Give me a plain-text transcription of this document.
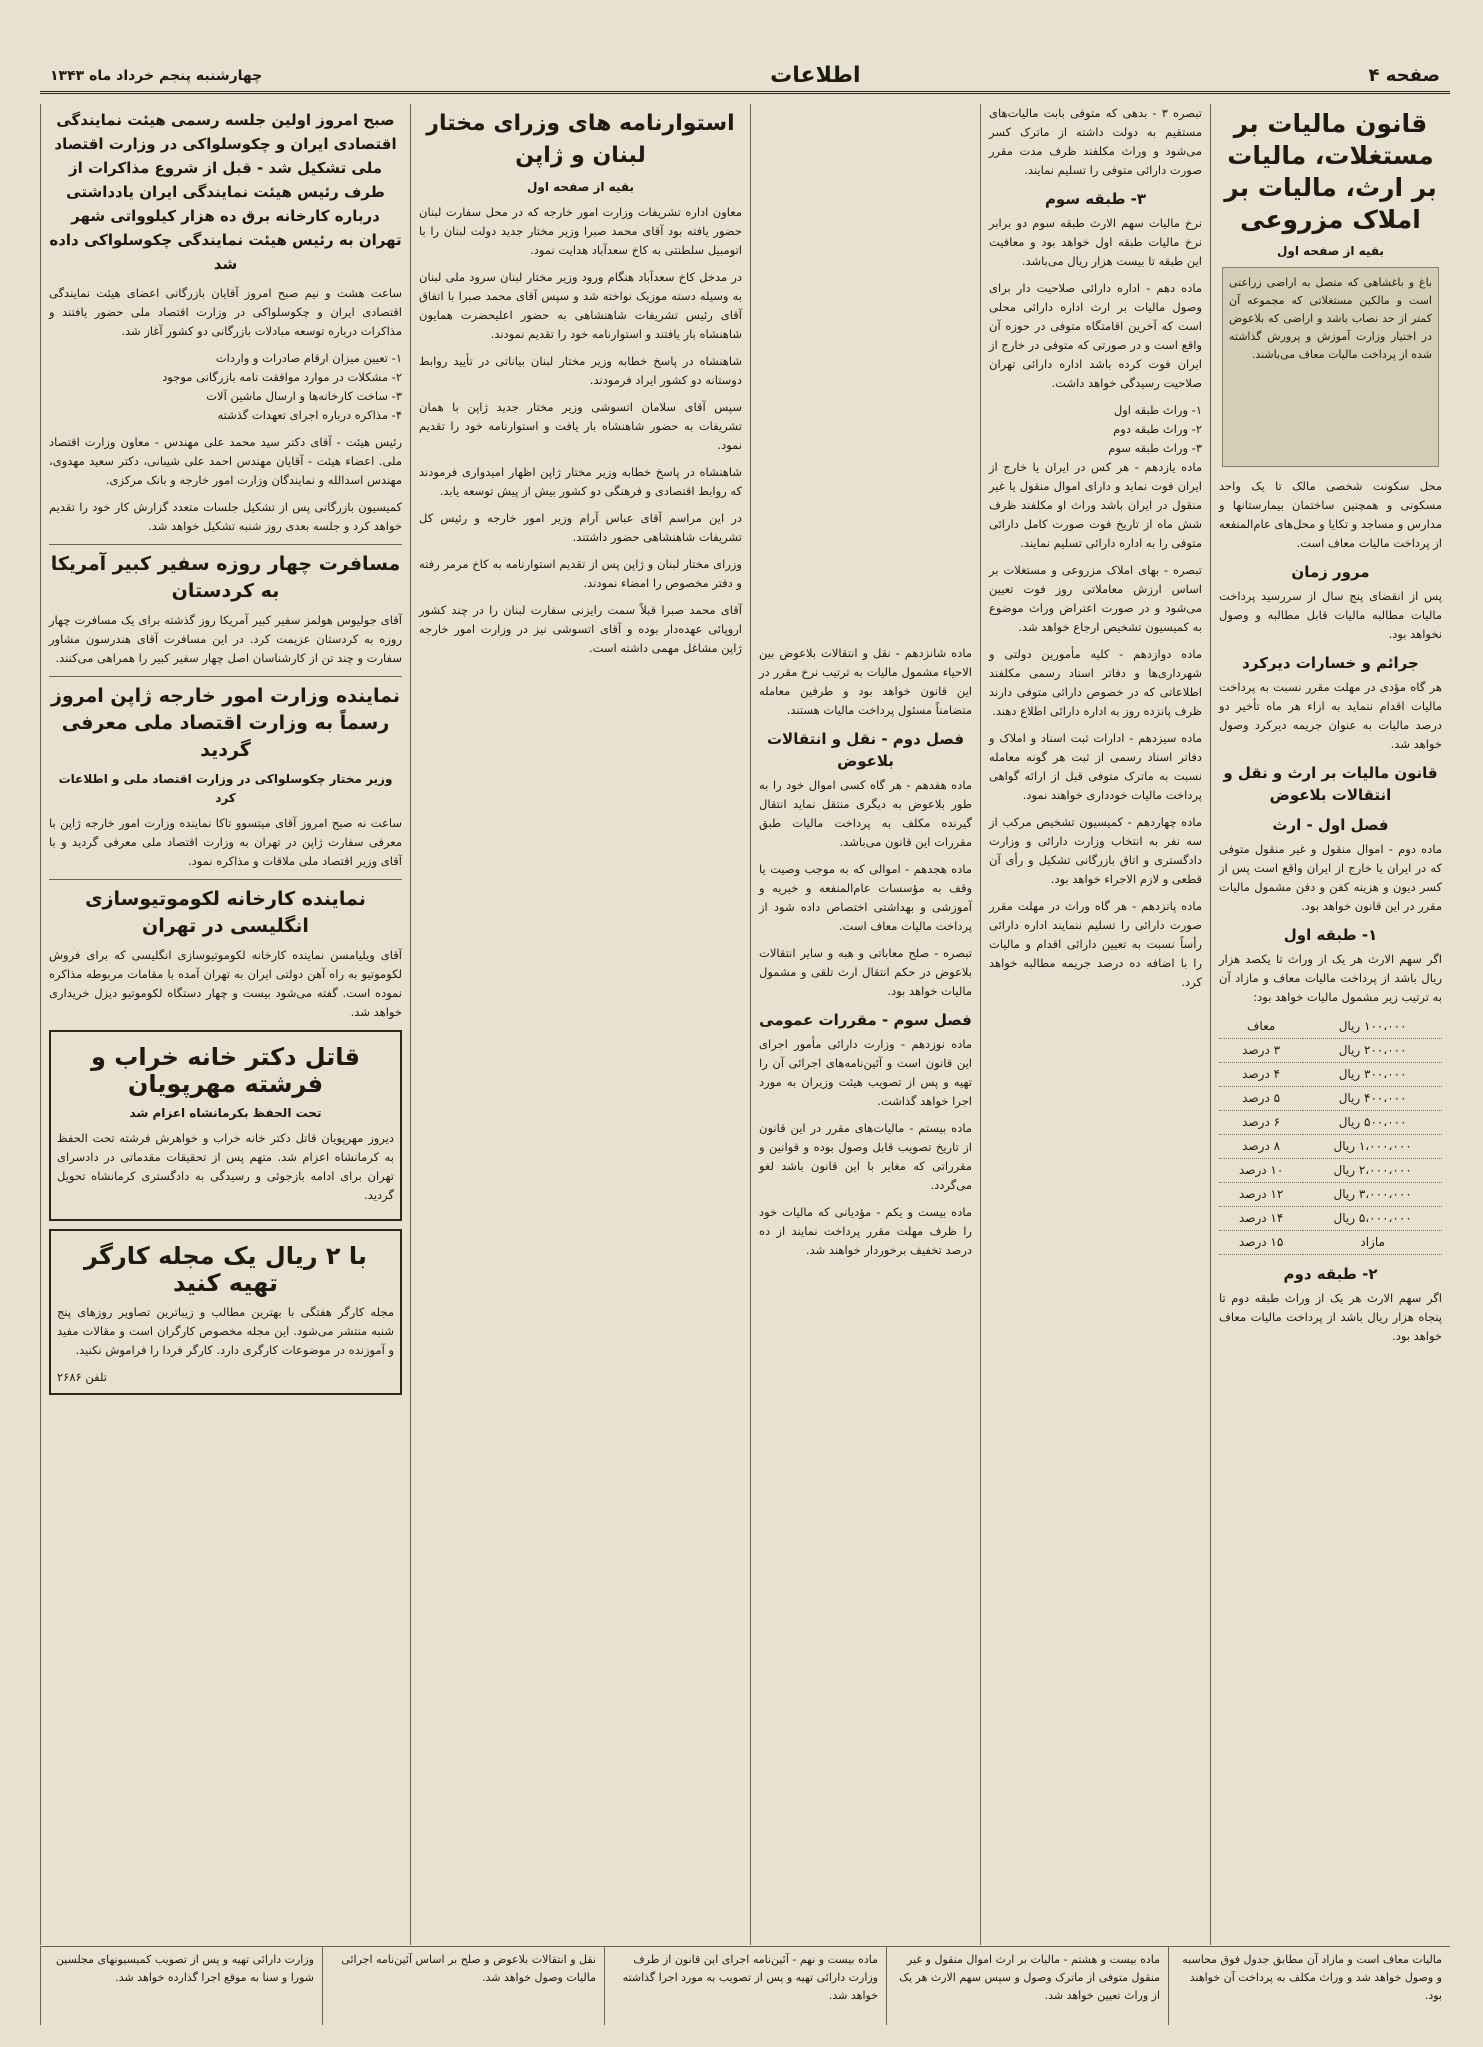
صفحه ۴
اطلاعات
چهارشنبه پنجم خرداد ماه ۱۳۴۳
قانون مالیات بر مستغلات، مالیات بر ارث، مالیات بر املاک مزروعی
بقیه از صفحه اول
باغ و باغشاهی که متصل به اراضی زراعتی است و مالکین مستغلاتی که مجموعه آن کمتر از حد نصاب باشد و اراضی که بلاعوض در اختیار وزارت آموزش و پرورش گذاشته شده از پرداخت مالیات معاف می‌باشند.

محل سکونت شخصی مالک تا یک واحد مسکونی و همچنین ساختمان بیمارستانها و مدارس و مساجد و تکایا و محل‌های عام‌المنفعه از پرداخت مالیات معاف است.

مرور زمان

پس از انقضای پنج سال از سررسید پرداخت مالیات مطالبه مالیات قابل مطالبه و وصول نخواهد بود.

جرائم و خسارات دیرکرد

هر گاه مؤدی در مهلت مقرر نسبت به پرداخت مالیات اقدام ننماید به ازاء هر ماه تأخیر دو درصد مالیات به عنوان جریمه دیرکرد وصول خواهد شد.

قانون مالیات بر ارث و نقل و انتقالات بلاعوض
فصل اول - ارث

ماده دوم - اموال منقول و غیر منقول متوفی که در ایران یا خارج از ایران واقع است پس از کسر دیون و هزینه کفن و دفن مشمول مالیات مقرر در این قانون خواهد بود.

۱- طبقه اول

اگر سهم الارث هر یک از وراث تا یکصد هزار ریال باشد از پرداخت مالیات معاف و مازاد آن به ترتیب زیر مشمول مالیات خواهد بود:

۱۰۰،۰۰۰ ریال	معاف
۲۰۰،۰۰۰ ریال	۳ درصد
۳۰۰،۰۰۰ ریال	۴ درصد
۴۰۰،۰۰۰ ریال	۵ درصد
۵۰۰،۰۰۰ ریال	۶ درصد
۱،۰۰۰،۰۰۰ ریال	۸ درصد
۲،۰۰۰،۰۰۰ ریال	۱۰ درصد
۳،۰۰۰،۰۰۰ ریال	۱۲ درصد
۵،۰۰۰،۰۰۰ ریال	۱۴ درصد
مازاد	۱۵ درصد
۲- طبقه دوم

اگر سهم الارث هر یک از وراث طبقه دوم تا پنجاه هزار ریال باشد از پرداخت مالیات معاف خواهد بود.

تبصره ۳ - بدهی که متوفی بابت مالیات‌های مستقیم به دولت داشته از ماترک کسر می‌شود و وراث مکلفند ظرف مدت مقرر صورت دارائی متوفی را تسلیم نمایند.

۳- طبقه سوم

نرخ مالیات سهم الارث طبقه سوم دو برابر نرخ مالیات طبقه اول خواهد بود و معافیت این طبقه تا بیست هزار ریال می‌باشد.

ماده دهم - اداره دارائی صلاحیت دار برای وصول مالیات بر ارث اداره دارائی محلی است که آخرین اقامتگاه متوفی در حوزه آن واقع است و در صورتی که متوفی در خارج از ایران فوت کرده باشد اداره دارائی تهران صلاحیت رسیدگی خواهد داشت.

۱- وراث طبقه اول
۲- وراث طبقه دوم
۳- وراث طبقه سوم

ماده یازدهم - هر کس در ایران یا خارج از ایران فوت نماید و دارای اموال منقول یا غیر منقول در ایران باشد وراث او مکلفند ظرف شش ماه از تاریخ فوت صورت کامل دارائی متوفی را به اداره دارائی تسلیم نمایند.

تبصره - بهای املاک مزروعی و مستغلات بر اساس ارزش معاملاتی روز فوت تعیین می‌شود و در صورت اعتراض وراث موضوع به کمیسیون تشخیص ارجاع خواهد شد.

ماده دوازدهم - کلیه مأمورین دولتی و شهرداری‌ها و دفاتر اسناد رسمی مکلفند اطلاعاتی که در خصوص دارائی متوفی دارند ظرف پانزده روز به اداره دارائی اطلاع دهند.

ماده سیزدهم - ادارات ثبت اسناد و املاک و دفاتر اسناد رسمی از ثبت هر گونه معامله نسبت به ماترک متوفی قبل از ارائه گواهی پرداخت مالیات خودداری خواهند نمود.

ماده چهاردهم - کمیسیون تشخیص مرکب از سه نفر به انتخاب وزارت دارائی و وزارت دادگستری و اتاق بازرگانی تشکیل و رأی آن قطعی و لازم الاجراء خواهد بود.

ماده پانزدهم - هر گاه وراث در مهلت مقرر صورت دارائی را تسلیم ننمایند اداره دارائی رأساً نسبت به تعیین دارائی اقدام و مالیات را با اضافه ده درصد جریمه مطالبه خواهد کرد.

ماده شانزدهم - نقل و انتقالات بلاعوض بین الاحیاء مشمول مالیات به ترتیب نرخ مقرر در این قانون خواهد بود و طرفین معامله متضامناً مسئول پرداخت مالیات هستند.

فصل دوم - نقل و انتقالات بلاعوض

ماده هفدهم - هر گاه کسی اموال خود را به طور بلاعوض به دیگری منتقل نماید انتقال گیرنده مکلف به پرداخت مالیات طبق مقررات این قانون می‌باشد.

ماده هجدهم - اموالی که به موجب وصیت یا وقف به مؤسسات عام‌المنفعه و خیریه و آموزشی و بهداشتی اختصاص داده شود از پرداخت مالیات معاف است.

تبصره - صلح معاباتی و هبه و سایر انتقالات بلاعوض در حکم انتقال ارث تلقی و مشمول مالیات خواهد بود.

فصل سوم - مقررات عمومی

ماده نوزدهم - وزارت دارائی مأمور اجرای این قانون است و آئین‌نامه‌های اجرائی آن را تهیه و پس از تصویب هیئت وزیران به مورد اجرا خواهد گذاشت.

ماده بیستم - مالیات‌های مقرر در این قانون از تاریخ تصویب قابل وصول بوده و قوانین و مقرراتی که مغایر با این قانون باشد لغو می‌گردد.

ماده بیست و یکم - مؤدیانی که مالیات خود را ظرف مهلت مقرر پرداخت نمایند از ده درصد تخفیف برخوردار خواهند شد.

استوارنامه های وزرای مختار لبنان و ژاپن
بقیه از صفحه اول

معاون اداره تشریفات وزارت امور خارجه که در محل سفارت لبنان حضور یافته بود آقای محمد صبرا وزیر مختار جدید دولت لبنان را با اتومبیل سلطنتی به کاخ سعدآباد هدایت نمود.

در مدخل کاخ سعدآباد هنگام ورود وزیر مختار لبنان سرود ملی لبنان به وسیله دسته موزیک نواخته شد و سپس آقای محمد صبرا با اتفاق آقای رئیس تشریفات شاهنشاهی به حضور اعلیحضرت همایون شاهنشاه بار یافتند و استوارنامه خود را تقدیم نمودند.

شاهنشاه در پاسخ خطابه وزیر مختار لبنان بیاناتی در تأیید روابط دوستانه دو کشور ایراد فرمودند.

سپس آقای سلامان اتسوشی وزیر مختار جدید ژاپن با همان تشریفات به حضور شاهنشاه بار یافت و استوارنامه خود را تقدیم نمود.

شاهنشاه در پاسخ خطابه وزیر مختار ژاپن اظهار امیدواری فرمودند که روابط اقتصادی و فرهنگی دو کشور بیش از پیش توسعه یابد.

در این مراسم آقای عباس آرام وزیر امور خارجه و رئیس کل تشریفات شاهنشاهی حضور داشتند.

وزرای مختار لبنان و ژاپن پس از تقدیم استوارنامه به کاخ مرمر رفته و دفتر مخصوص را امضاء نمودند.

آقای محمد صبرا قبلاً سمت رایزنی سفارت لبنان را در چند کشور اروپائی عهده‌دار بوده و آقای اتسوشی نیز در وزارت امور خارجه ژاپن مشاغل مهمی داشته است.

صبح امروز اولین جلسه رسمی هیئت نمایندگی اقتصادی ایران و چکوسلواکی در وزارت اقتصاد ملی تشکیل شد - قبل از شروع مذاکرات از طرف رئیس هیئت نمایندگی ایران یادداشتی درباره کارخانه برق ده هزار کیلوواتی شهر تهران به رئیس هیئت نمایندگی چکوسلواکی داده شد

ساعت هشت و نیم صبح امروز آقایان بازرگانی اعضای هیئت نمایندگی اقتصادی ایران و چکوسلواکی در وزارت اقتصاد ملی حضور یافتند و مذاکرات درباره توسعه مبادلات بازرگانی دو کشور آغاز شد.

۱- تعیین میزان ارقام صادرات و واردات
۲- مشکلات در موارد موافقت نامه بازرگانی موجود
۳- ساخت کارخانه‌ها و ارسال ماشین آلات
۴- مذاکره درباره اجرای تعهدات گذشته

رئیس هیئت - آقای دکتر سید محمد علی مهندس - معاون وزارت اقتصاد ملی. اعضاء هیئت - آقایان مهندس احمد علی شیبانی، دکتر سعید مهدوی، مهندس اسدالله و نمایندگان وزارت امور خارجه و بانک مرکزی.

کمیسیون بازرگانی پس از تشکیل جلسات متعدد گزارش کار خود را تقدیم خواهد کرد و جلسه بعدی روز شنبه تشکیل خواهد شد.

مسافرت چهار روزه سفیر کبیر آمریکا به کردستان

آقای جولیوس هولمز سفیر کبیر آمریکا روز گذشته برای یک مسافرت چهار روزه به کردستان عزیمت کرد. در این مسافرت آقای هندرسون مشاور سفارت و چند تن از کارشناسان اصل چهار سفیر کبیر را همراهی می‌کنند.

نماینده وزارت امور خارجه ژاپن امروز رسماً به وزارت اقتصاد ملی معرفی گردید
وزیر مختار چکوسلواکی در وزارت اقتصاد ملی و اطلاعات کرد

ساعت نه صبح امروز آقای میتسوو تاکا نماینده وزارت امور خارجه ژاپن با معرفی سفارت ژاپن در تهران به وزارت اقتصاد ملی معرفی گردید و با آقای وزیر اقتصاد ملی ملاقات و مذاکره نمود.

نماینده کارخانه لکوموتیوسازی انگلیسی در تهران

آقای ویلیامسن نماینده کارخانه لکوموتیوسازی انگلیسی که برای فروش لکوموتیو به راه آهن دولتی ایران به تهران آمده با مقامات مربوطه مذاکره نموده است. گفته می‌شود بیست و چهار دستگاه لکوموتیو دیزل خریداری خواهد شد.

قاتل دکتر خانه خراب و فرشته مهرپویان
تحت الحفظ بکرمانشاه اعزام شد

دیروز مهرپویان قاتل دکتر خانه خراب و خواهرش فرشته تحت الحفظ به کرمانشاه اعزام شد. متهم پس از تحقیقات مقدماتی در دادسرای تهران برای ادامه بازجوئی و رسیدگی به دادگستری کرمانشاه تحویل گردید.

با ۲ ریال یک مجله کارگر تهیه کنید

مجله کارگر هفتگی با بهترین مطالب و زیباترین تصاویر روزهای پنج شنبه منتشر می‌شود. این مجله مخصوص کارگران است و مقالات مفید و آموزنده در موضوعات کارگری دارد. کارگر فردا را فراموش نکنید.

تلفن ۲۶۸۶
مالیات معاف است و مازاد آن مطابق جدول فوق محاسبه و وصول خواهد شد و وراث مکلف به پرداخت آن خواهند بود.
ماده بیست و هشتم - مالیات بر ارث اموال منقول و غیر منقول متوفی از ماترک وصول و سپس سهم الارث هر یک از وراث تعیین خواهد شد.
ماده بیست و نهم - آئین‌نامه اجرای این قانون از طرف وزارت دارائی تهیه و پس از تصویب به مورد اجرا گذاشته خواهد شد.
نقل و انتقالات بلاعوض و صلح بر اساس آئین‌نامه اجرائی مالیات وصول خواهد شد.
وزارت دارائی تهیه و پس از تصویب کمیسیونهای مجلسین شورا و سنا به موقع اجرا گذارده خواهد شد.
